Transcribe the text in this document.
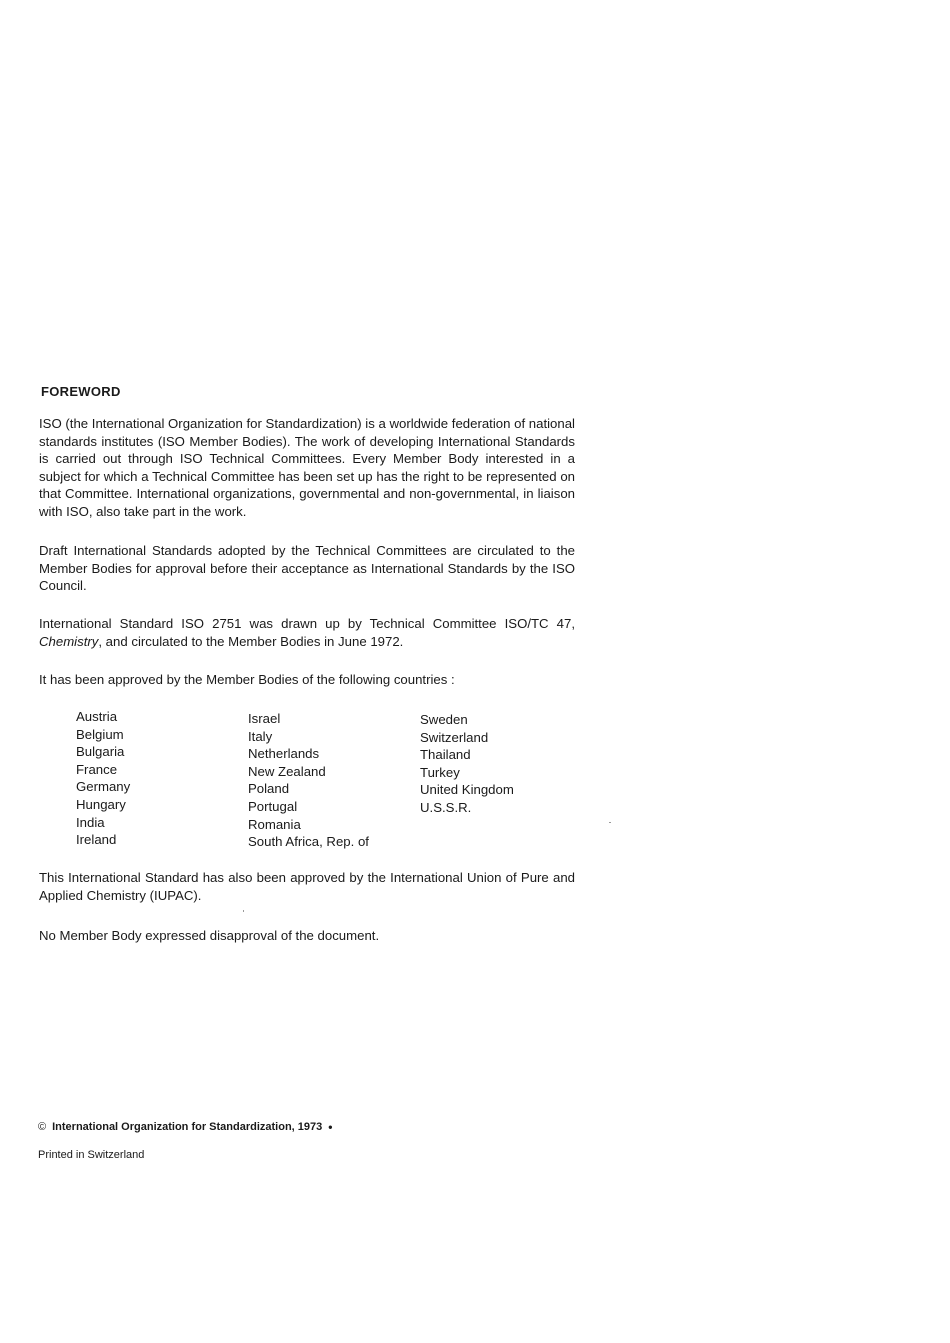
FOREWORD

ISO (the International Organization for Standardization) is a worldwide federation of national standards institutes (ISO Member Bodies). The work of developing International Standards is carried out through ISO Technical Committees. Every Member Body interested in a subject for which a Technical Committee has been set up has the right to be represented on that Committee. International organizations, governmental and non-governmental, in liaison with ISO, also take part in the work.

Draft International Standards adopted by the Technical Committees are circulated to the Member Bodies for approval before their acceptance as International Standards by the ISO Council.

International Standard ISO 2751 was drawn up by Technical Committee ISO/TC 47, Chemistry, and circulated to the Member Bodies in June 1972.

It has been approved by the Member Bodies of the following countries :

Austria
Belgium
Bulgaria
France
Germany
Hungary
India
Ireland
Israel
Italy
Netherlands
New Zealand
Poland
Portugal
Romania
South Africa, Rep. of
Sweden
Switzerland
Thailand
Turkey
United Kingdom
U.S.S.R.

This International Standard has also been approved by the International Union of Pure and Applied Chemistry (IUPAC).

No Member Body expressed disapproval of the document.

© International Organization for Standardization, 1973 •
Printed in Switzerland
